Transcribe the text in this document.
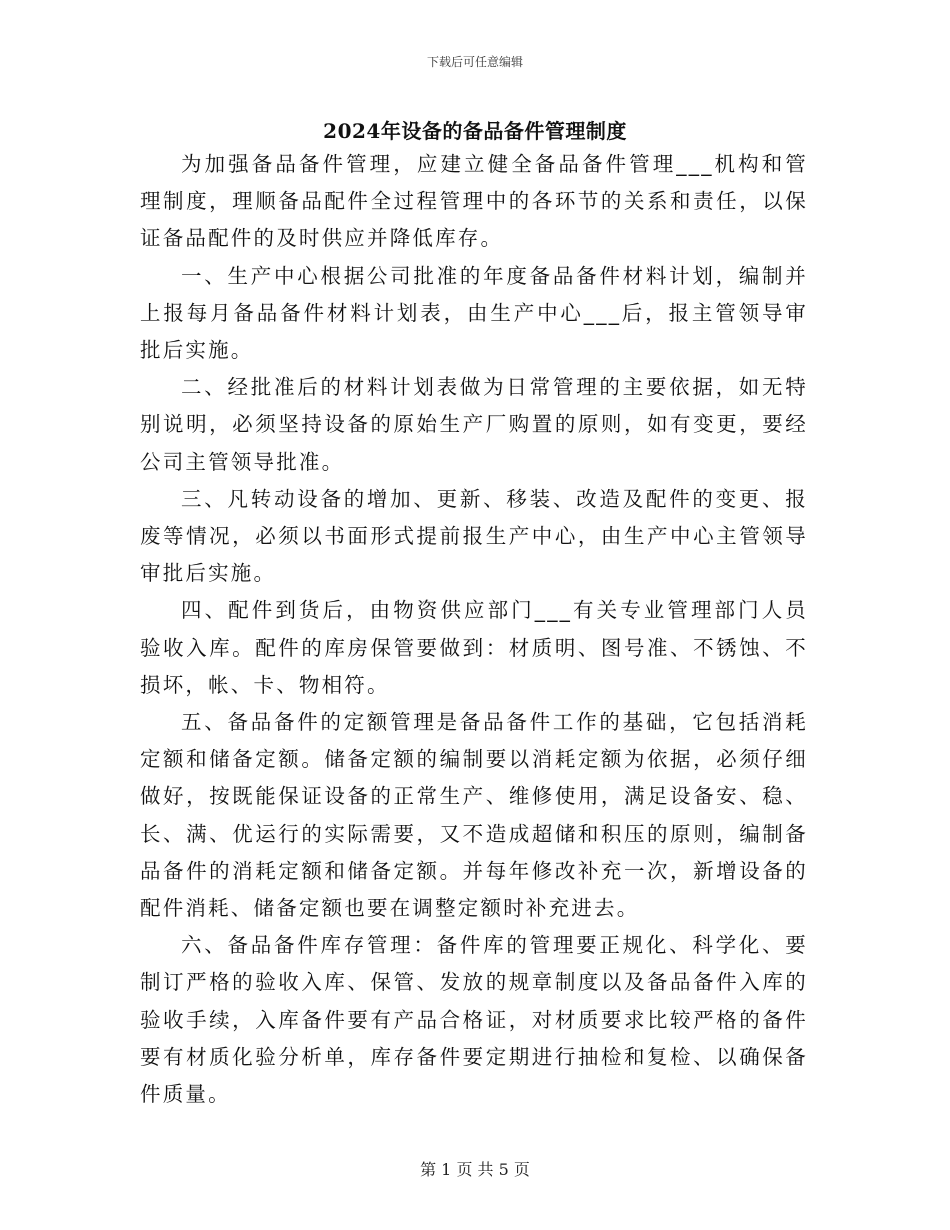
下载后可任意编辑
2024年设备的备品备件管理制度

为加强备品备件管理，应建立健全备品备件管理___机构和管理制度，理顺备品配件全过程管理中的各环节的关系和责任，以保证备品配件的及时供应并降低库存。

一、生产中心根据公司批准的年度备品备件材料计划，编制并上报每月备品备件材料计划表，由生产中心___后，报主管领导审批后实施。

二、经批准后的材料计划表做为日常管理的主要依据，如无特别说明，必须坚持设备的原始生产厂购置的原则，如有变更，要经公司主管领导批准。

三、凡转动设备的增加、更新、移装、改造及配件的变更、报废等情况，必须以书面形式提前报生产中心，由生产中心主管领导审批后实施。

四、配件到货后，由物资供应部门___有关专业管理部门人员验收入库。配件的库房保管要做到：材质明、图号准、不锈蚀、不损坏，帐、卡、物相符。

五、备品备件的定额管理是备品备件工作的基础，它包括消耗定额和储备定额。储备定额的编制要以消耗定额为依据，必须仔细做好，按既能保证设备的正常生产、维修使用，满足设备安、稳、长、满、优运行的实际需要，又不造成超储和积压的原则，编制备品备件的消耗定额和储备定额。并每年修改补充一次，新增设备的配件消耗、储备定额也要在调整定额时补充进去。

六、备品备件库存管理：备件库的管理要正规化、科学化、要制订严格的验收入库、保管、发放的规章制度以及备品备件入库的验收手续，入库备件要有产品合格证，对材质要求比较严格的备件要有材质化验分析单，库存备件要定期进行抽检和复检、以确保备件质量。

第 1 页 共 5 页
